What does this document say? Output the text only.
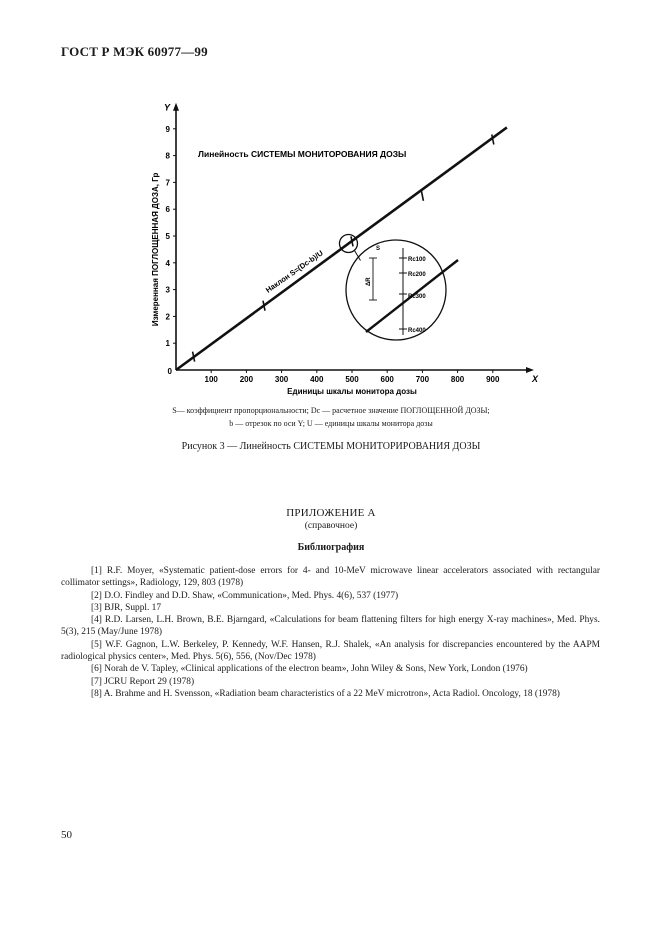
ГОСТ Р МЭК 60977—99
100	200	300	400	500	600	700	800	900
1
2
3
4
5
6
7
8
9
0
S
Rc100
Rc200
Rc300
Rc400
ΔR
X
Y
Линейность СИСТЕМЫ МОНИТОРОВАНИЯ ДОЗЫ
Наклон S=(Dc-b)/U
Единицы шкалы монитора дозы
Измеренная ПОГЛОЩЕННАЯ ДОЗА, Гр
S— коэффициент пропорциональности; Dc — расчетное значение ПОГЛОЩЕННОЙ ДОЗЫ;
b — отрезок по оси Y; U — единицы шкалы монитора дозы
Рисунок 3 — Линейность СИСТЕМЫ МОНИТОРИРОВАНИЯ ДОЗЫ
ПРИЛОЖЕНИЕ А
(справочное)
Библиография

[1] R.F. Moyer, «Systematic patient-dose errors for 4- and 10-MeV microwave linear accelerators associated with rectangular collimator settings», Radiology, 129, 803 (1978)

[2] D.O. Findley and D.D. Shaw, «Communication», Med. Phys. 4(6), 537 (1977)

[3] BJR, Suppl. 17

[4] R.D. Larsen, L.H. Brown, B.E. Bjarngard, «Calculations for beam flattening filters for high energy X-ray machines», Med. Phys. 5(3), 215 (May/June 1978)

[5] W.F. Gagnon, L.W. Berkeley, P. Kennedy, W.F. Hansen, R.J. Shalek, «An analysis for discrepancies encountered by the AAPM radiological physics center», Med. Phys. 5(6), 556, (Nov/Dec 1978)

[6] Norah de V. Tapley, «Clinical applications of the electron beam», John Wiley & Sons, New York, London (1976)

[7] JCRU Report 29 (1978)

[8] A. Brahme and H. Svensson, «Radiation beam characteristics of a 22 MeV microtron», Acta Radiol. Oncology, 18 (1978)

50
